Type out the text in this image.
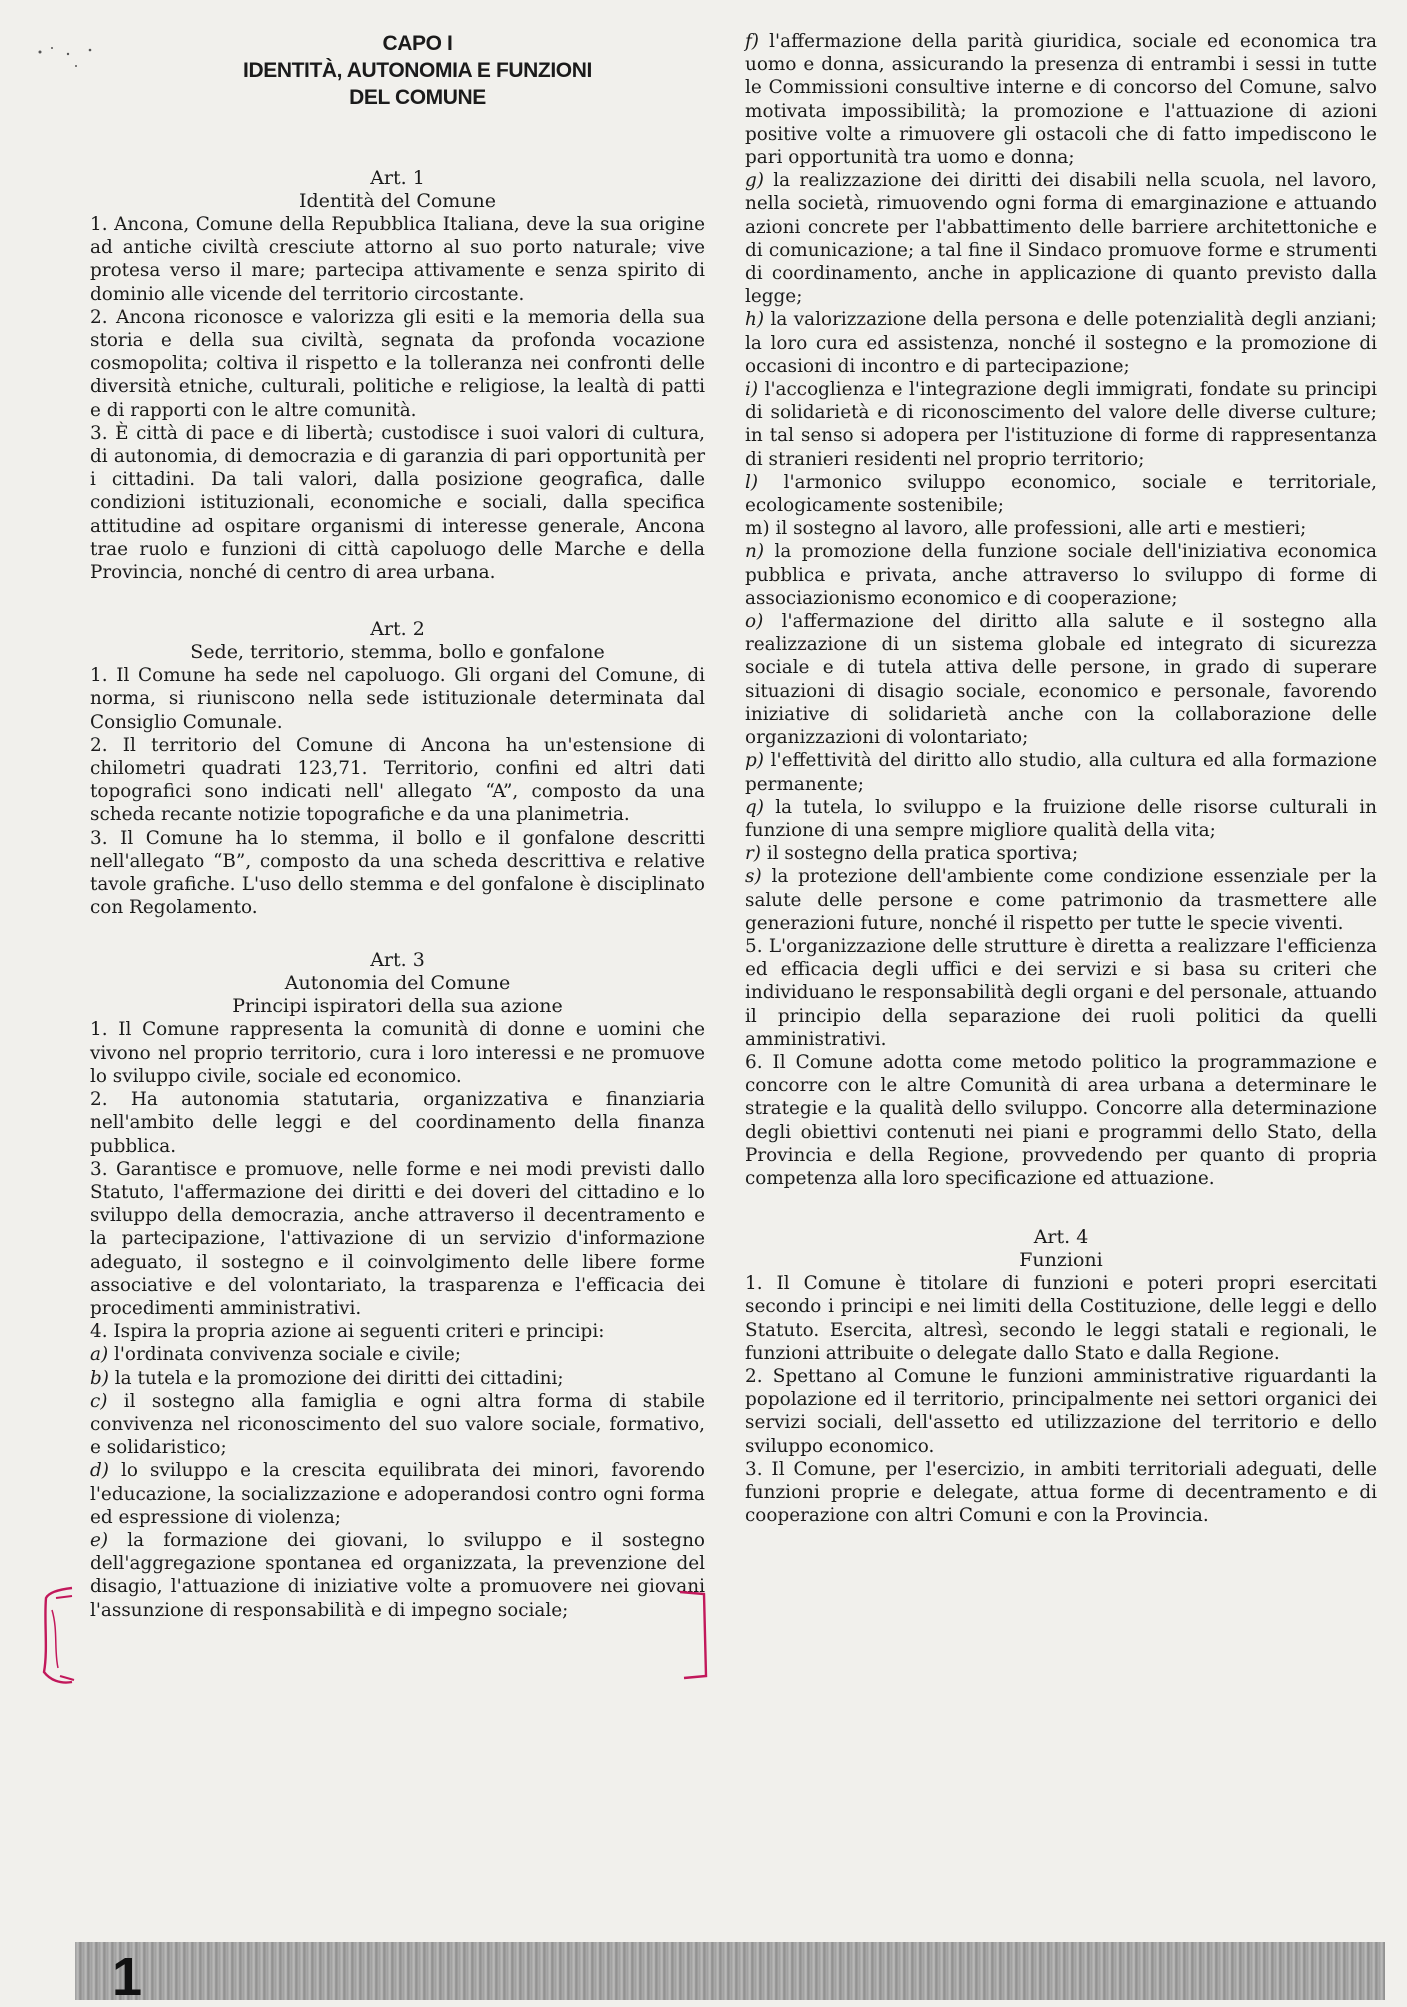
CAPO I
IDENTITÀ, AUTONOMIA E FUNZIONI
DEL COMUNE
Art. 1
Identità del Comune

1. Ancona, Comune della Repubblica Italiana, deve la sua origine ad antiche civiltà cresciute attorno al suo porto naturale; vive protesa verso il mare; partecipa attivamente e senza spirito di dominio alle vicende del territorio circostante.

2. Ancona riconosce e valorizza gli esiti e la memoria della sua storia e della sua civiltà, segnata da profonda vocazione cosmopolita; coltiva il rispetto e la tolleranza nei confronti delle diversità etniche, culturali, politiche e religiose, la lealtà di patti e di rapporti con le altre comunità.

3. È città di pace e di libertà; custodisce i suoi valori di cultura, di autonomia, di democrazia e di garanzia di pari opportunità per i cittadini. Da tali valori, dalla posizione geografica, dalle condizioni istituzionali, economiche e sociali, dalla specifica attitudine ad ospitare organismi di interesse generale, Ancona trae ruolo e funzioni di città capoluogo delle Marche e della Provincia, nonché di centro di area urbana.

Art. 2
Sede, territorio, stemma, bollo e gonfalone

1. Il Comune ha sede nel capoluogo. Gli organi del Comune, di norma, si riuniscono nella sede istituzionale determinata dal Consiglio Comunale.

2. Il territorio del Comune di Ancona ha un'estensione di chilometri quadrati 123,71. Territorio, confini ed altri dati topografici sono indicati nell' allegato “A”, composto da una scheda recante notizie topografiche e da una planimetria.

3. Il Comune ha lo stemma, il bollo e il gonfalone descritti nell'allegato “B”, composto da una scheda descrittiva e relative tavole grafiche. L'uso dello stemma e del gonfalone è disciplinato con Regolamento.

Art. 3
Autonomia del Comune
Principi ispiratori della sua azione

1. Il Comune rappresenta la comunità di donne e uomini che vivono nel proprio territorio, cura i loro interessi e ne promuove lo sviluppo civile, sociale ed economico.

2. Ha autonomia statutaria, organizzativa e finanziaria nell'ambito delle leggi e del coordinamento della finanza pubblica.

3. Garantisce e promuove, nelle forme e nei modi previsti dallo Statuto, l'affermazione dei diritti e dei doveri del cittadino e lo sviluppo della democrazia, anche attraverso il decentramento e la partecipazione, l'attivazione di un servizio d'informazione adeguato, il sostegno e il coinvolgimento delle libere forme associative e del volontariato, la trasparenza e l'efficacia dei procedimenti amministrativi.

4. Ispira la propria azione ai seguenti criteri e principi:

a) l'ordinata convivenza sociale e civile;

b) la tutela e la promozione dei diritti dei cittadini;

c) il sostegno alla famiglia e ogni altra forma di stabile convivenza nel riconoscimento del suo valore sociale, formativo, e solidaristico;

d) lo sviluppo e la crescita equilibrata dei minori, favorendo l'educazione, la socializzazione e adoperandosi contro ogni forma ed espressione di violenza;

e) la formazione dei giovani, lo sviluppo e il sostegno dell'aggregazione spontanea ed organizzata, la prevenzione del disagio, l'attuazione di iniziative volte a promuovere nei giovani l'assunzione di responsabilità e di impegno sociale;

f) l'affermazione della parità giuridica, sociale ed economica tra uomo e donna, assicurando la presenza di entrambi i sessi in tutte le Commissioni consultive interne e di concorso del Comune, salvo motivata impossibilità; la promozione e l'attuazione di azioni positive volte a rimuovere gli ostacoli che di fatto impediscono le pari opportunità tra uomo e donna;

g) la realizzazione dei diritti dei disabili nella scuola, nel lavoro, nella società, rimuovendo ogni forma di emarginazione e attuando azioni concrete per l'abbattimento delle barriere architettoniche e di comunicazione; a tal fine il Sindaco promuove forme e strumenti di coordinamento, anche in applicazione di quanto previsto dalla legge;

h) la valorizzazione della persona e delle potenzialità degli anziani; la loro cura ed assistenza, nonché il sostegno e la promozione di occasioni di incontro e di partecipazione;

i) l'accoglienza e l'integrazione degli immigrati, fondate su principi di solidarietà e di riconoscimento del valore delle diverse culture; in tal senso si adopera per l'istituzione di forme di rappresentanza di stranieri residenti nel proprio territorio;

l) l'armonico sviluppo economico, sociale e territoriale, ecologicamente sostenibile;

m) il sostegno al lavoro, alle professioni, alle arti e mestieri;

n) la promozione della funzione sociale dell'iniziativa economica pubblica e privata, anche attraverso lo sviluppo di forme di associazionismo economico e di cooperazione;

o) l'affermazione del diritto alla salute e il sostegno alla realizzazione di un sistema globale ed integrato di sicurezza sociale e di tutela attiva delle persone, in grado di superare situazioni di disagio sociale, economico e personale, favorendo iniziative di solidarietà anche con la collaborazione delle organizzazioni di volontariato;

p) l'effettività del diritto allo studio, alla cultura ed alla formazione permanente;

q) la tutela, lo sviluppo e la fruizione delle risorse culturali in funzione di una sempre migliore qualità della vita;

r) il sostegno della pratica sportiva;

s) la protezione dell'ambiente come condizione essenziale per la salute delle persone e come patrimonio da trasmettere alle generazioni future, nonché il rispetto per tutte le specie viventi.

5. L'organizzazione delle strutture è diretta a realizzare l'efficienza ed efficacia degli uffici e dei servizi e si basa su criteri che individuano le responsabilità degli organi e del personale, attuando il principio della separazione dei ruoli politici da quelli amministrativi.

6. Il Comune adotta come metodo politico la programmazione e concorre con le altre Comunità di area urbana a determinare le strategie e la qualità dello sviluppo. Concorre alla determinazione degli obiettivi contenuti nei piani e programmi dello Stato, della Provincia e della Regione, provvedendo per quanto di propria competenza alla loro specificazione ed attuazione.

Art. 4
Funzioni

1. Il Comune è titolare di funzioni e poteri propri esercitati secondo i principi e nei limiti della Costituzione, delle leggi e dello Statuto. Esercita, altresì, secondo le leggi statali e regionali, le funzioni attribuite o delegate dallo Stato e dalla Regione.

2. Spettano al Comune le funzioni amministrative riguardanti la popolazione ed il territorio, principalmente nei settori organici dei servizi sociali, dell'assetto ed utilizzazione del territorio e dello sviluppo economico.

3. Il Comune, per l'esercizio, in ambiti territoriali adeguati, delle funzioni proprie e delegate, attua forme di decentramento e di cooperazione con altri Comuni e con la Provincia.

1
